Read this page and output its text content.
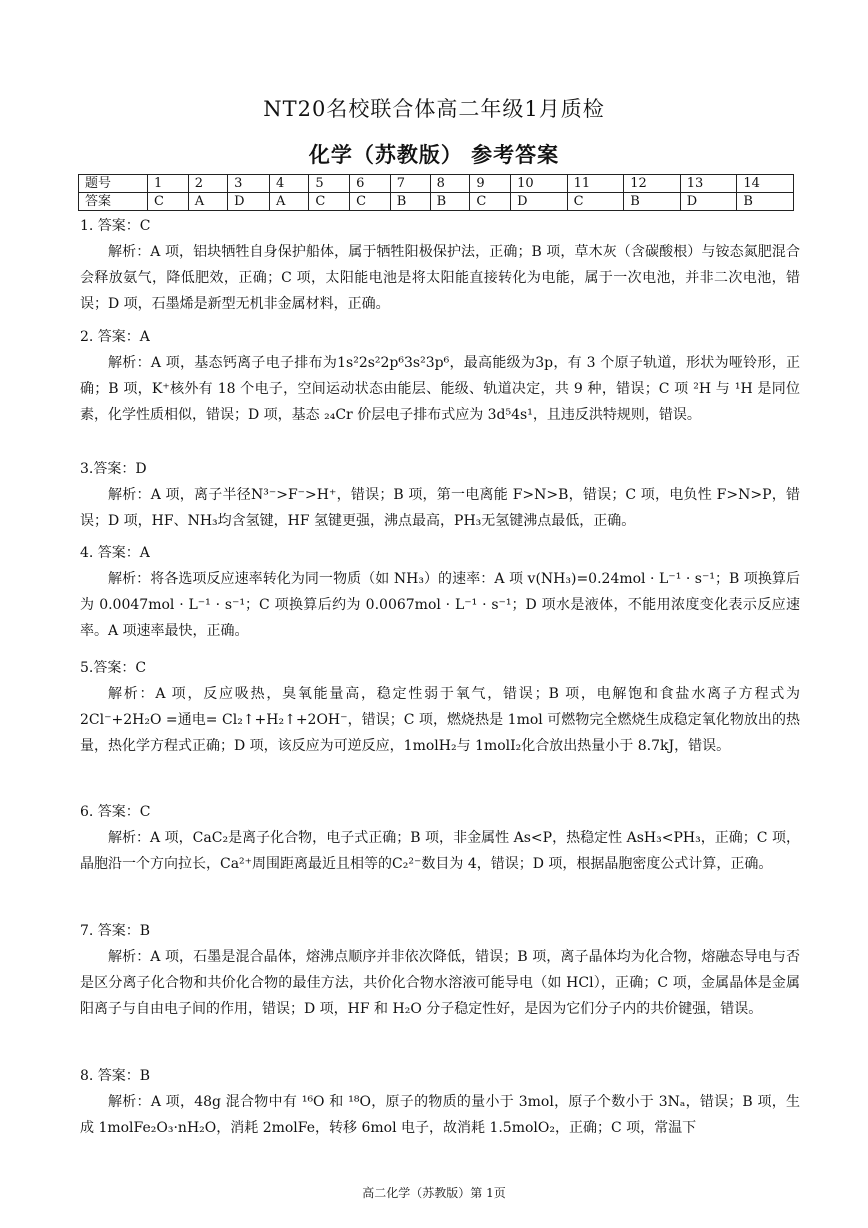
NT20名校联合体高二年级1月质检
化学（苏教版） 参考答案
题号	1	2	3	4	5	6	7	8	9	10	11	12	13	14
答案	C	A	D	A	C	C	B	B	C	D	C	B	D	B
1. 答案：C
解析：A 项，铝块牺牲自身保护船体，属于牺牲阳极保护法，正确；B 项，草木灰（含碳酸根）与铵态氮肥混合会释放氨气，降低肥效，正确；C 项，太阳能电池是将太阳能直接转化为电能，属于一次电池，并非二次电池，错误；D 项，石墨烯是新型无机非金属材料，正确。
2. 答案：A
解析：A 项，基态钙离子电子排布为1s²2s²2p⁶3s²3p⁶，最高能级为3p，有 3 个原子轨道，形状为哑铃形，正确；B 项，K⁺核外有 18 个电子，空间运动状态由能层、能级、轨道决定，共 9 种，错误；C 项 ²H 与 ¹H 是同位素，化学性质相似，错误；D 项，基态 ₂₄Cr 价层电子排布式应为 3d⁵4s¹，且违反洪特规则，错误。
3.答案：D
解析：A 项，离子半径N³⁻>F⁻>H⁺，错误；B 项，第一电离能 F>N>B，错误；C 项，电负性 F>N>P，错误；D 项，HF、NH₃均含氢键，HF 氢键更强，沸点最高，PH₃无氢键沸点最低，正确。
4. 答案：A
解析：将各选项反应速率转化为同一物质（如 NH₃）的速率：A 项 v(NH₃)=0.24mol · L⁻¹ · s⁻¹；B 项换算后为 0.0047mol · L⁻¹ · s⁻¹；C 项换算后约为 0.0067mol · L⁻¹ · s⁻¹；D 项水是液体，不能用浓度变化表示反应速率。A 项速率最快，正确。
5.答案：C
解析：A 项，反应吸热，臭氧能量高，稳定性弱于氧气，错误；B 项，电解饱和食盐水离子方程式为 2Cl⁻+2H₂O =通电= Cl₂↑+H₂↑+2OH⁻，错误；C 项，燃烧热是 1mol 可燃物完全燃烧生成稳定氧化物放出的热量，热化学方程式正确；D 项，该反应为可逆反应，1molH₂与 1molI₂化合放出热量小于 8.7kJ，错误。
6. 答案：C
解析：A 项，CaC₂是离子化合物，电子式正确；B 项，非金属性 As<P，热稳定性 AsH₃<PH₃，正确；C 项，晶胞沿一个方向拉长，Ca²⁺周围距离最近且相等的C₂²⁻数目为 4，错误；D 项，根据晶胞密度公式计算，正确。
7. 答案：B
解析：A 项，石墨是混合晶体，熔沸点顺序并非依次降低，错误；B 项，离子晶体均为化合物，熔融态导电与否是区分离子化合物和共价化合物的最佳方法，共价化合物水溶液可能导电（如 HCl），正确；C 项，金属晶体是金属阳离子与自由电子间的作用，错误；D 项，HF 和 H₂O 分子稳定性好，是因为它们分子内的共价键强，错误。
8. 答案：B
解析：A 项，48g 混合物中有 ¹⁶O 和 ¹⁸O，原子的物质的量小于 3mol，原子个数小于 3Nₐ，错误；B 项，生成 1molFe₂O₃·nH₂O，消耗 2molFe，转移 6mol 电子，故消耗 1.5molO₂，正确；C 项，常温下
高二化学（苏教版）第 1页
